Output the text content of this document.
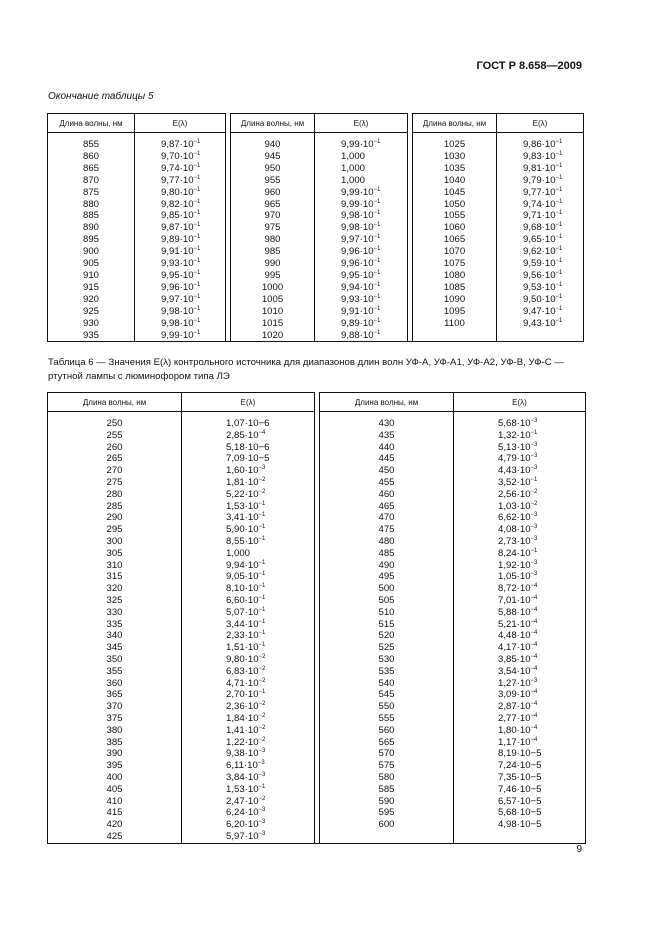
ГОСТ Р 8.658—2009
Окончание таблицы 5
Длина волны, нм	E(λ)		Длина волны, нм	E(λ)		Длина волны, нм	E(λ)
855	$9,87\cdot 10^{-1}$		940	$9,99\cdot 10^{-1}$		1025	$9,86\cdot 10^{-1}$
860	$9,70\cdot 10^{-1}$		945	1,000		1030	$9,83\cdot 10^{-1}$
865	$9,74\cdot 10^{-1}$		950	1,000		1035	$9,81\cdot 10^{-1}$
870	$9,77\cdot 10^{-1}$		955	1,000		1040	$9,79\cdot 10^{-1}$
875	$9,80\cdot 10^{-1}$		960	$9,99\cdot 10^{-1}$		1045	$9,77\cdot 10^{-1}$
880	$9,82\cdot 10^{-1}$		965	$9,99\cdot 10^{-1}$		1050	$9,74\cdot 10^{-1}$
885	$9,85\cdot 10^{-1}$		970	$9,98\cdot 10^{-1}$		1055	$9,71\cdot 10^{-1}$
890	$9,87\cdot 10^{-1}$		975	$9,98\cdot 10^{-1}$		1060	$9,68\cdot 10^{-1}$
895	$9,89\cdot 10^{-1}$		980	$9,97\cdot 10^{-1}$		1065	$9,65\cdot 10^{-1}$
900	$9,91\cdot 10^{-1}$		985	$9,96\cdot 10^{-1}$		1070	$9,62\cdot 10^{-1}$
905	$9,93\cdot 10^{-1}$		990	$9,96\cdot 10^{-1}$		1075	$9,59\cdot 10^{-1}$
910	$9,95\cdot 10^{-1}$		995	$9,95\cdot 10^{-1}$		1080	$9,56\cdot 10^{-1}$
915	$9,96\cdot 10^{-1}$		1000	$9,94\cdot 10^{-1}$		1085	$9,53\cdot 10^{-1}$
920	$9,97\cdot 10^{-1}$		1005	$9,93\cdot 10^{-1}$		1090	$9,50\cdot 10^{-1}$
925	$9,98\cdot 10^{-1}$		1010	$9,91\cdot 10^{-1}$		1095	$9,47\cdot 10^{-1}$
930	$9,98\cdot 10^{-1}$		1015	$9,89\cdot 10^{-1}$		1100	$9,43\cdot 10^{-1}$
935	$9,99\cdot 10^{-1}$		1020	$9,88\cdot 10^{-1}$			
Таблица 6 — Значения E(λ) контрольного источника для диапазонов длин волн УФ-А, УФ-А1, УФ-А2, УФ-В, УФ-С — ртутной лампы с люминофором типа ЛЭ
Длина волны, нм	E(λ)		Длина волны, нм	E(λ)
250	1,07·10−6		430	$5,68\cdot 10^{-3}$
255	$2,85\cdot 10^{-4}$		435	$1,32\cdot 10^{-1}$
260	5,18·10−6		440	$5,13\cdot 10^{-3}$
265	7,09·10−5		445	$4,79\cdot 10^{-3}$
270	$1,60\cdot 10^{-3}$		450	$4,43\cdot 10^{-3}$
275	$1,81\cdot 10^{-2}$		455	$3,52\cdot 10^{-1}$
280	$5,22\cdot 10^{-2}$		460	$2,56\cdot 10^{-2}$
285	$1,53\cdot 10^{-1}$		465	$1,03\cdot 10^{-2}$
290	$3,41\cdot 10^{-1}$		470	$6,62\cdot 10^{-3}$
295	$5,90\cdot 10^{-1}$		475	$4,08\cdot 10^{-3}$
300	$8,55\cdot 10^{-1}$		480	$2,73\cdot 10^{-3}$
305	1,000		485	$8,24\cdot 10^{-1}$
310	$9,94\cdot 10^{-1}$		490	$1,92\cdot 10^{-3}$
315	$9,05\cdot 10^{-1}$		495	$1,05\cdot 10^{-3}$
320	$8,10\cdot 10^{-1}$		500	$8,72\cdot 10^{-4}$
325	$6,60\cdot 10^{-1}$		505	$7,01\cdot 10^{-4}$
330	$5,07\cdot 10^{-1}$		510	$5,88\cdot 10^{-4}$
335	$3,44\cdot 10^{-1}$		515	$5,21\cdot 10^{-4}$
340	$2,33\cdot 10^{-1}$		520	$4,48\cdot 10^{-4}$
345	$1,51\cdot 10^{-1}$		525	$4,17\cdot 10^{-4}$
350	$9,80\cdot 10^{-2}$		530	$3,85\cdot 10^{-4}$
355	$6,83\cdot 10^{-2}$		535	$3,54\cdot 10^{-4}$
360	$4,71\cdot 10^{-2}$		540	$1,27\cdot 10^{-3}$
365	$2,70\cdot 10^{-1}$		545	$3,09\cdot 10^{-4}$
370	$2,36\cdot 10^{-2}$		550	$2,87\cdot 10^{-4}$
375	$1,84\cdot 10^{-2}$		555	$2,77\cdot 10^{-4}$
380	$1,41\cdot 10^{-2}$		560	$1,80\cdot 10^{-4}$
385	$1,22\cdot 10^{-2}$		565	$1,17\cdot 10^{-4}$
390	$9,38\cdot 10^{-3}$		570	8,19·10−5
395	$6,11\cdot 10^{-3}$		575	7,24·10−5
400	$3,84\cdot 10^{-3}$		580	7,35·10−5
405	$1,53\cdot 10^{-1}$		585	7,46·10−5
410	$2,47\cdot 10^{-2}$		590	6,57·10−5
415	$6,24\cdot 10^{-3}$		595	5,68·10−5
420	$6,20\cdot 10^{-3}$		600	4,98·10−5
425	$5,97\cdot 10^{-3}$			
9
